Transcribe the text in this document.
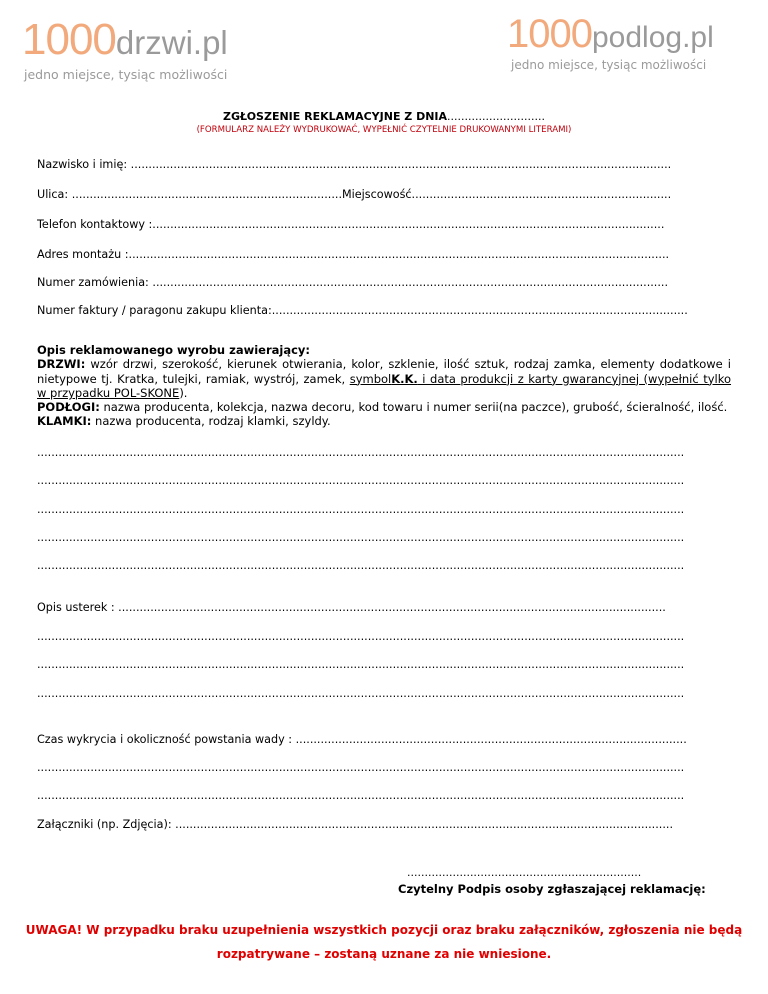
1000drzwi.pl
jedno miejsce, tysiąc możliwości
1000podlog.pl
jedno miejsce, tysiąc możliwości
ZGŁOSZENIE REKLAMACYJNE Z DNIA............................
(FORMULARZ NALEŻY WYDRUKOWAĆ, WYPEŁNIĆ CZYTELNIE DRUKOWANYMI LITERAMI)
Nazwisko i imię: ........................................................................................................................................................
Ulica: ............................................................................Miejscowość.........................................................................
Telefon kontaktowy :................................................................................................................................................
Adres montażu :........................................................................................................................................................
Numer zamówienia: .................................................................................................................................................
Numer faktury / paragonu zakupu klienta:.....................................................................................................................

Opis reklamowanego wyrobu zawierający:

DRZWI: wzór drzwi, szerokość, kierunek otwierania, kolor, szklenie, ilość sztuk, rodzaj zamka, elementy dodatkowe i nietypowe tj. Kratka, tulejki, ramiak, wystrój, zamek, symbolK.K. i data produkcji z karty gwarancyjnej (wypełnić tylko w przypadku POL-SKONE).

PODŁOGI: nazwa producenta, kolekcja, nazwa decoru, kod towaru i numer serii(na paczce), grubość, ścieralność, ilość.

KLAMKI: nazwa producenta, rodzaj klamki, szyldy.

......................................................................................................................................................................................
......................................................................................................................................................................................
......................................................................................................................................................................................
......................................................................................................................................................................................
......................................................................................................................................................................................
Opis usterek : ..........................................................................................................................................................
......................................................................................................................................................................................
......................................................................................................................................................................................
......................................................................................................................................................................................
Czas wykrycia i okoliczność powstania wady : ..............................................................................................................
......................................................................................................................................................................................
......................................................................................................................................................................................
Załączniki (np. Zdjęcia): ............................................................................................................................................
...................................................................
Czytelny Podpis osoby zgłaszającej reklamację:
UWAGA! W przypadku braku uzupełnienia wszystkich pozycji oraz braku załączników, zgłoszenia nie będą
rozpatrywane – zostaną uznane za nie wniesione.
